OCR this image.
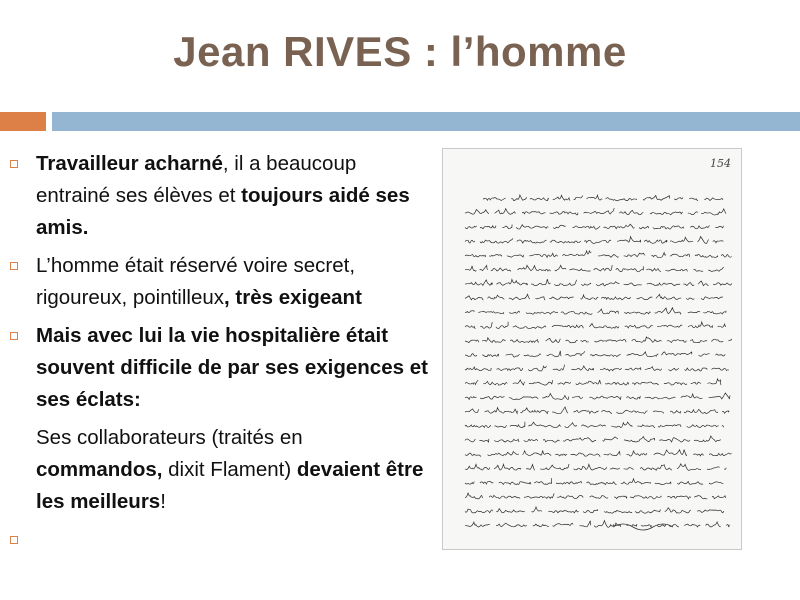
Jean RIVES : l’homme
Travailleur acharné, il a beaucoup entrainé ses élèves et toujours aidé ses amis.
L’homme était réservé voire secret, rigoureux, pointilleux, très exigeant
Mais avec lui la vie hospitalière était souvent difficile de par ses exigences et ses éclats:
Ses collaborateurs (traités en commandos, dixit Flament) devaient être les meilleurs!
154
